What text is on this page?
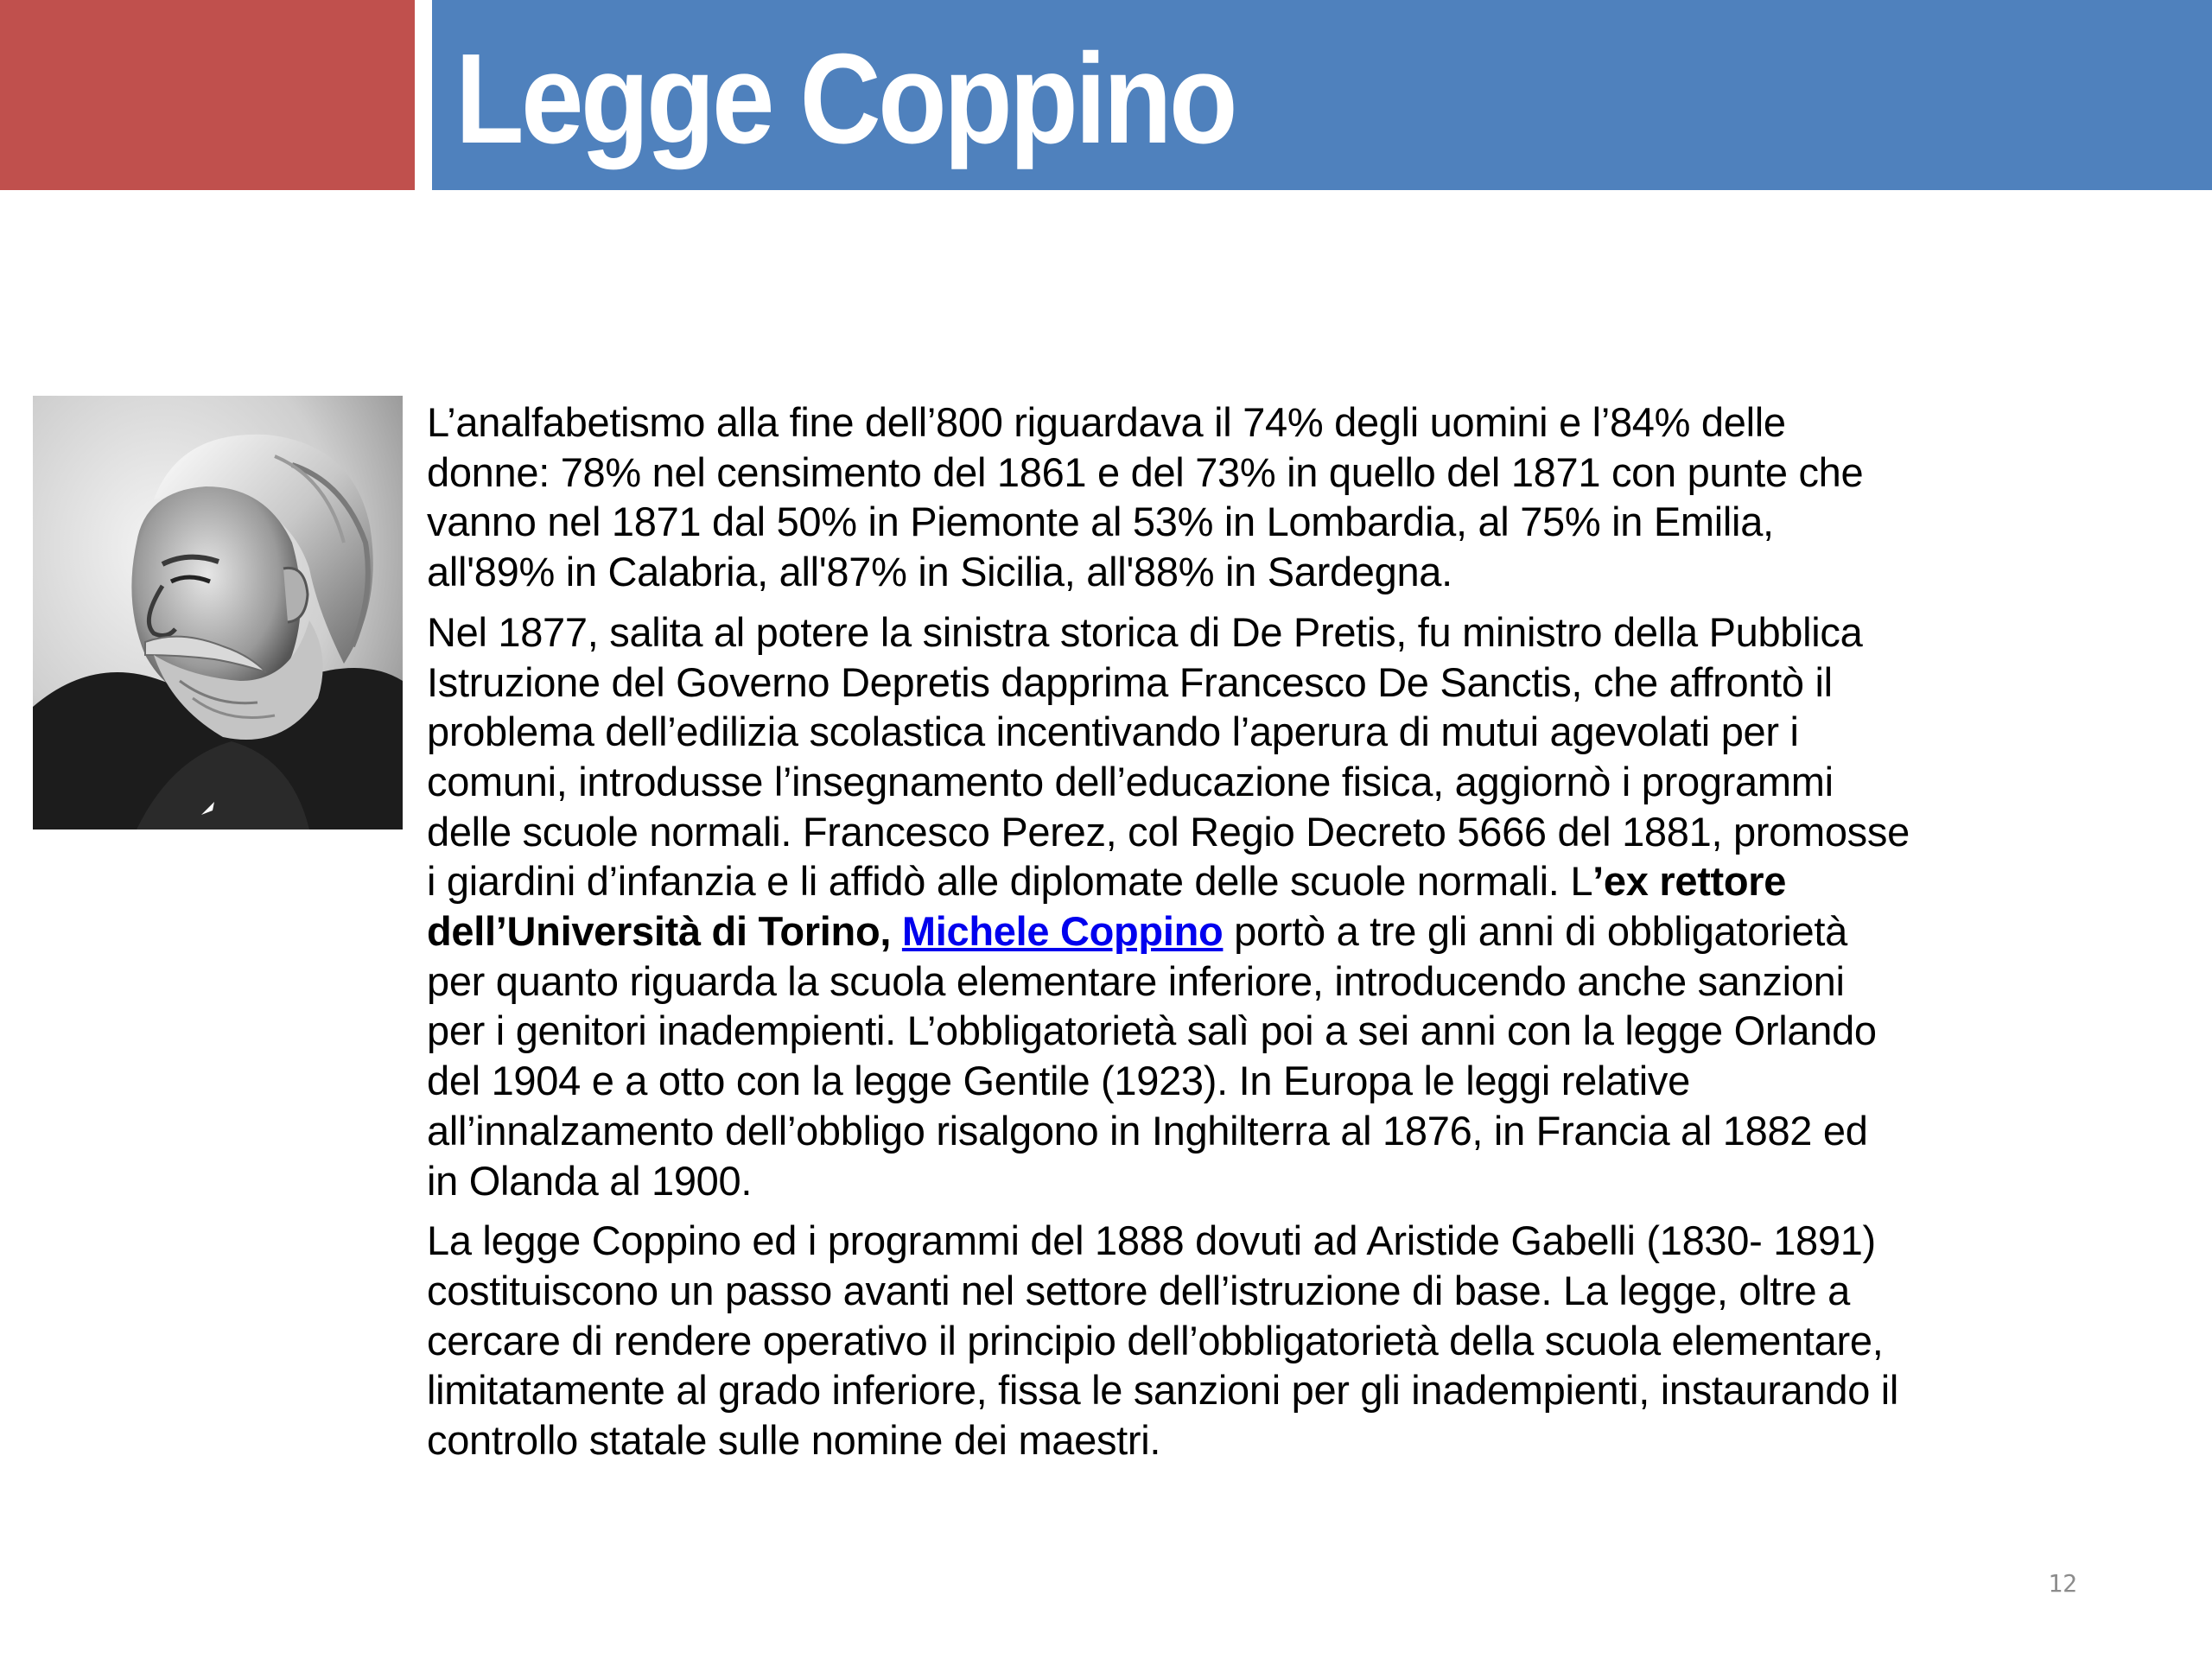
Legge Coppino

L’analfabetismo alla fine dell’800 riguardava il 74% degli uomini e l’84% delle
donne: 78% nel censimento del 1861 e del 73% in quello del 1871 con punte che
vanno nel 1871 dal 50% in Piemonte al 53% in Lombardia, al 75% in Emilia,
all'89% in Calabria, all'87% in Sicilia, all'88% in Sardegna.

Nel 1877, salita al potere la sinistra storica di De Pretis, fu ministro della Pubblica
Istruzione del Governo Depretis dapprima Francesco De Sanctis, che affrontò il
problema dell’edilizia scolastica incentivando l’aperura di mutui agevolati per i
comuni, introdusse l’insegnamento dell’educazione fisica, aggiornò i programmi
delle scuole normali. Francesco Perez, col Regio Decreto 5666 del 1881, promosse
i giardini d’infanzia e li affidò alle diplomate delle scuole normali. L’ex rettore
dell’Università di Torino, Michele Coppino portò a tre gli anni di obbligatorietà
per quanto riguarda la scuola elementare inferiore, introducendo anche sanzioni
per i genitori inadempienti. L’obbligatorietà salì poi a sei anni con la legge Orlando
del 1904 e a otto con la legge Gentile (1923). In Europa le leggi relative
all’innalzamento dell’obbligo risalgono in Inghilterra al 1876, in Francia al 1882 ed
in Olanda al 1900.

La legge Coppino ed i programmi del 1888 dovuti ad Aristide Gabelli (1830- 1891)
costituiscono un passo avanti nel settore dell’istruzione di base. La legge, oltre a
cercare di rendere operativo il principio dell’obbligatorietà della scuola elementare,
limitatamente al grado inferiore, fissa le sanzioni per gli inadempienti, instaurando il
controllo statale sulle nomine dei maestri.

12
